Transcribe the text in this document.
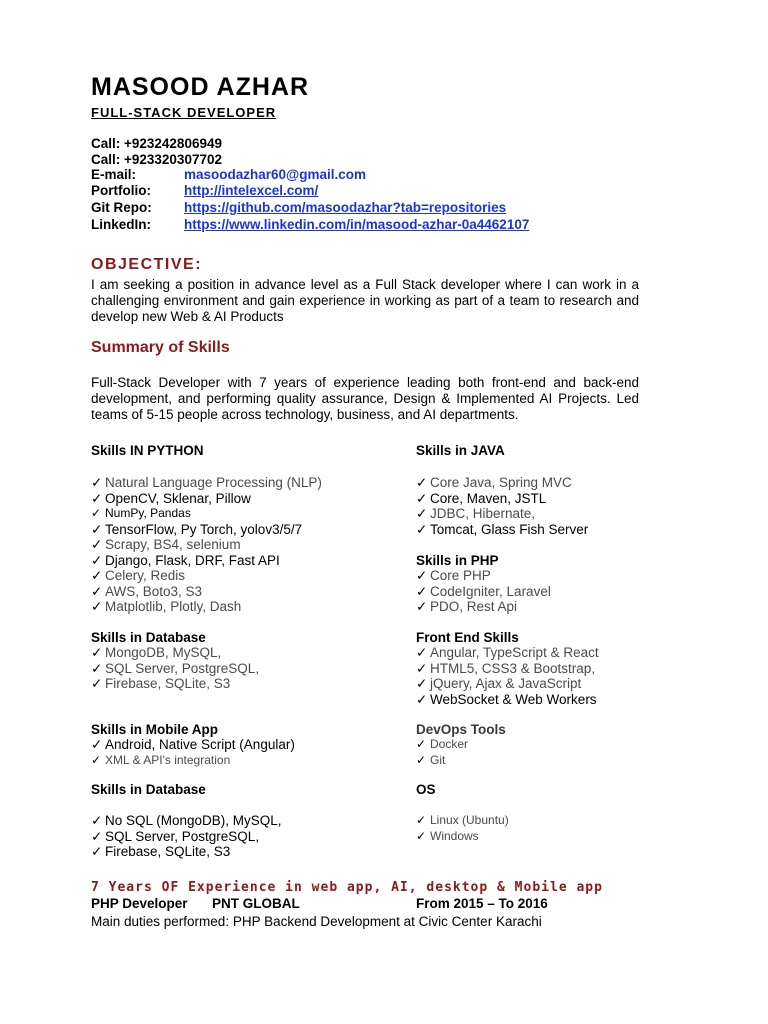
MASOOD AZHAR
FULL-STACK DEVELOPER
Call: +923242806949
Call: +923320307702
E-mail:	masoodazhar60@gmail.com
Portfolio: http://intelexcel.com/
Git Repo: https://github.com/masoodazhar?tab=repositories
LinkedIn: https://www.linkedin.com/in/masood-azhar-0a4462107
OBJECTIVE:
I am seeking a position in advance level as a Full Stack developer where I can work in a challenging environment and gain experience in working as part of a team to research and develop new Web & AI Products
Summary of Skills
Full-Stack Developer with 7 years of experience leading both front-end and back-end development, and performing quality assurance, Design & Implemented AI Projects. Led teams of 5-15 people across technology, business, and AI departments.
Skills IN PYTHON
✓ Natural Language Processing (NLP)
✓ OpenCV, Sklenar, Pillow
✓ NumPy, Pandas
✓ TensorFlow, Py Torch, yolov3/5/7
✓ Scrapy, BS4, selenium
✓ Django, Flask, DRF, Fast API
✓ Celery, Redis
✓ AWS, Boto3, S3
✓ Matplotlib, Plotly, Dash
Skills in JAVA
✓ Core Java, Spring MVC
✓ Core, Maven, JSTL
✓ JDBC, Hibernate,
✓ Tomcat, Glass Fish Server
Skills in PHP
✓ Core PHP
✓ CodeIgniter, Laravel
✓ PDO, Rest Api
Skills in Database
✓ MongoDB, MySQL,
✓ SQL Server, PostgreSQL,
✓ Firebase, SQLite, S3
Front End Skills
✓ Angular, TypeScript & React
✓ HTML5, CSS3 & Bootstrap,
✓ jQuery, Ajax & JavaScript
✓ WebSocket & Web Workers
Skills in Mobile App
✓ Android, Native Script (Angular)
✓ XML & API's integration
DevOps Tools
✓ Docker
✓ Git
Skills in Database
✓ No SQL (MongoDB), MySQL,
✓ SQL Server, PostgreSQL,
✓ Firebase, SQLite, S3
OS
✓ Linux (Ubuntu)
✓ Windows
7 Years OF Experience in web app, AI, desktop & Mobile app
PHP Developer PNT GLOBAL	From 2015 – To 2016
Main duties performed: PHP Backend Development at Civic Center Karachi
